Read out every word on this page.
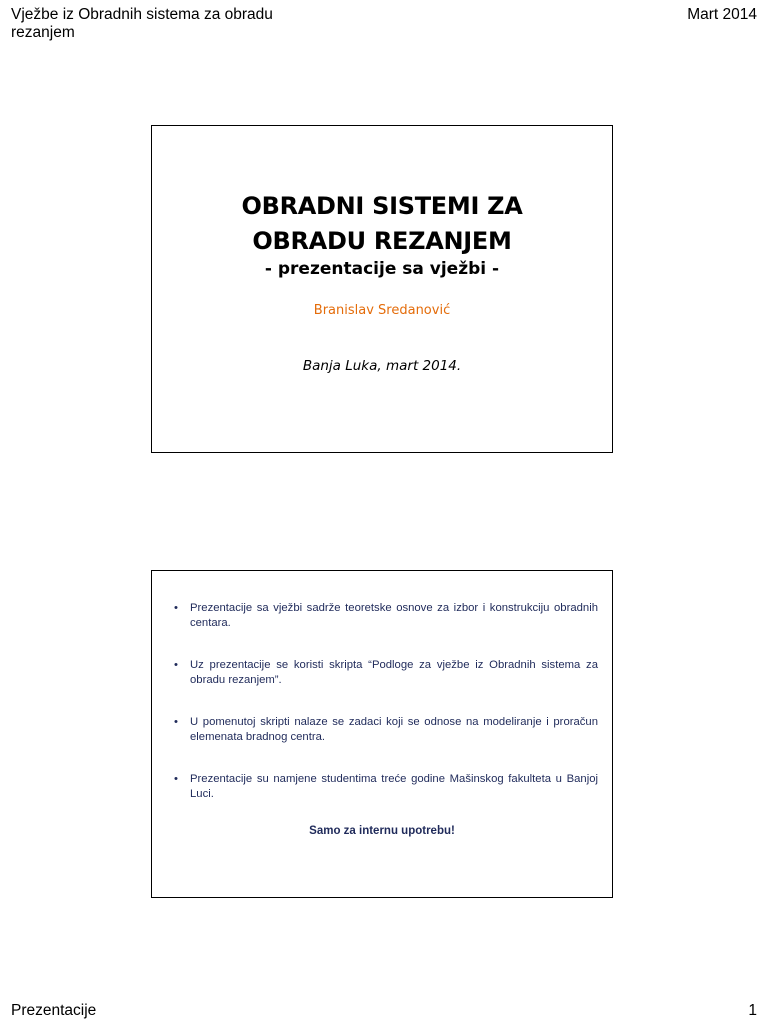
Vježbe iz Obradnih sistema za obradu rezanjem
Mart 2014
OBRADNI SISTEMI ZA
OBRADU REZANJEM
- prezentacije sa vježbi -
Branislav Sredanović
Banja Luka, mart 2014.
• Prezentacije sa vježbi sadrže teoretske osnove za izbor i konstrukciju obradnih centara.
• Uz prezentacije se koristi skripta “Podloge za vježbe iz Obradnih sistema za obradu rezanjem”.
• U pomenutoj skripti nalaze se zadaci koji se odnose na modeliranje i proračun elemenata bradnog centra.
• Prezentacije su namjene studentima treće godine Mašinskog fakulteta u Banjoj Luci.
Samo za internu upotrebu!
Prezentacije	1
